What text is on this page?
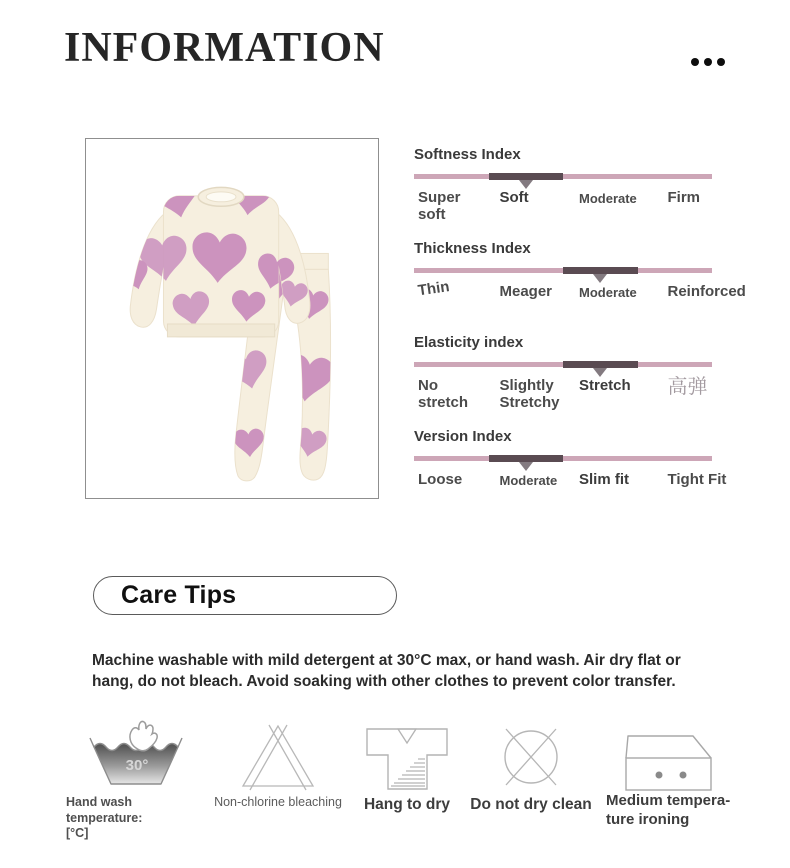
INFORMATION
Softness Index
Super soft
Soft	Moderate	Firm
Thickness Index
Thin	Meager	Moderate	Reinforced
Elasticity index
No stretch
Slightly Stretchy
Stretch	高弹
Version Index
Loose	Moderate	Slim fit	Tight Fit
Care Tips
Machine washable with mild detergent at 30°C max, or hand wash. Air dry flat or hang, do not bleach. Avoid soaking with other clothes to prevent color transfer.
30°
Hand wash temperature:
[°C]
Non-chlorine bleaching	Hang to dry	Do not dry clean Medium tempera-
ture ironing
